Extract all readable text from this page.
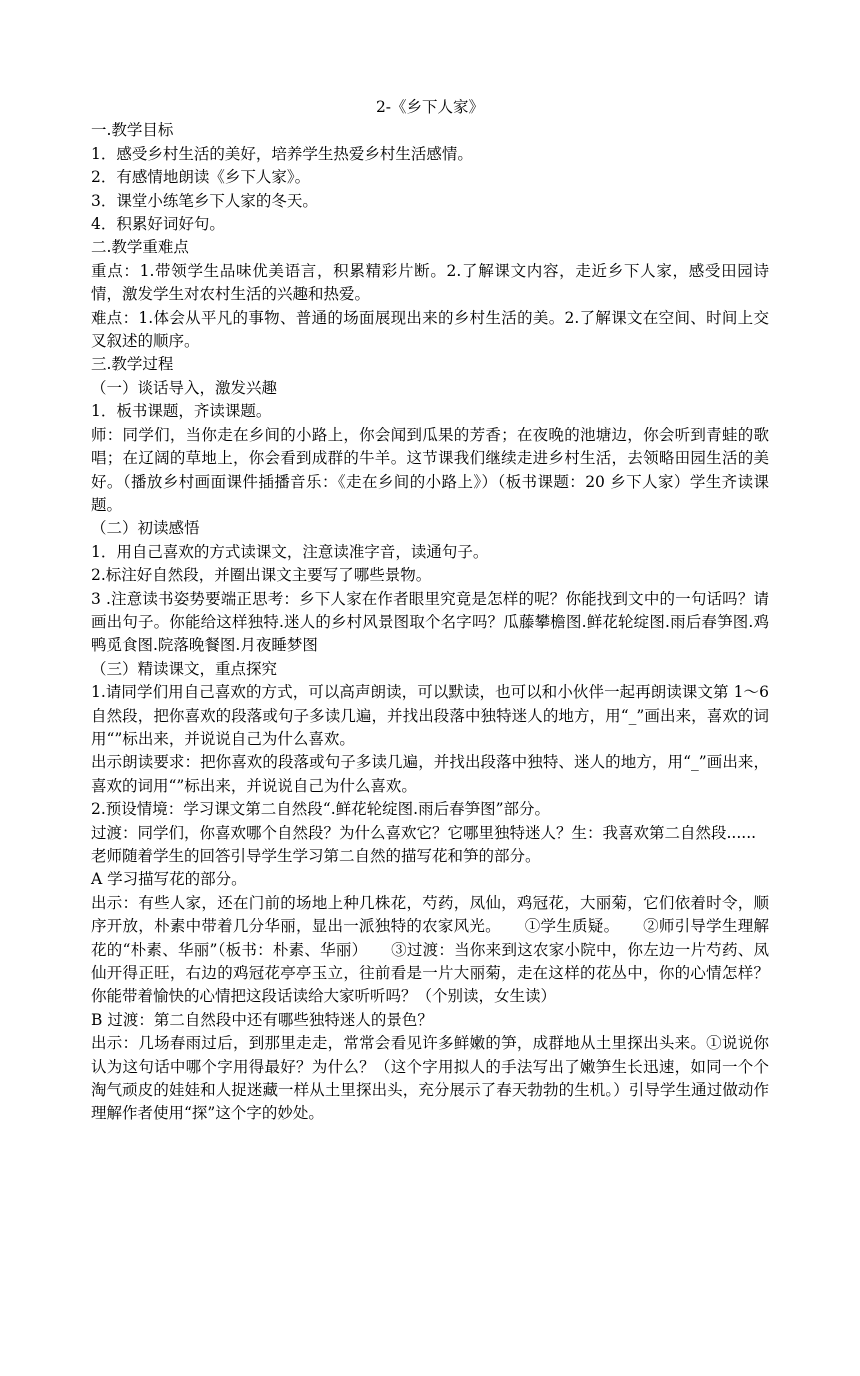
2-《乡下人家》

一.教学目标

1．感受乡村生活的美好，培养学生热爱乡村生活感情。

2．有感情地朗读《乡下人家》。

3．课堂小练笔乡下人家的冬天。

4．积累好词好句。

二.教学重难点

重点：1.带领学生品味优美语言，积累精彩片断。2.了解课文内容，走近乡下人家，感受田园诗情，激发学生对农村生活的兴趣和热爱。

难点：1.体会从平凡的事物、普通的场面展现出来的乡村生活的美。2.了解课文在空间、时间上交叉叙述的顺序。

三.教学过程

（一）谈话导入，激发兴趣

1．板书课题，齐读课题。

师：同学们，当你走在乡间的小路上，你会闻到瓜果的芳香；在夜晚的池塘边，你会听到青蛙的歌唱；在辽阔的草地上，你会看到成群的牛羊。这节课我们继续走进乡村生活，去领略田园生活的美好。（播放乡村画面课件插播音乐：《走在乡间的小路上》）（板书课题：20 乡下人家）学生齐读课题。

（二）初读感悟

1．用自己喜欢的方式读课文，注意读准字音，读通句子。

2.标注好自然段，并圈出课文主要写了哪些景物。

3 .注意读书姿势要端正思考：乡下人家在作者眼里究竟是怎样的呢？你能找到文中的一句话吗？请画出句子。你能给这样独特.迷人的乡村风景图取个名字吗？瓜藤攀檐图.鲜花轮绽图.雨后春笋图.鸡鸭觅食图.院落晚餐图.月夜睡梦图

（三）精读课文，重点探究

1.请同学们用自己喜欢的方式，可以高声朗读，可以默读，也可以和小伙伴一起再朗读课文第 1～6 自然段，把你喜欢的段落或句子多读几遍，并找出段落中独特迷人的地方，用“_”画出来，喜欢的词用“”标出来，并说说自己为什么喜欢。

出示朗读要求：把你喜欢的段落或句子多读几遍，并找出段落中独特、迷人的地方，用“_”画出来，喜欢的词用“”标出来，并说说自己为什么喜欢。

2.预设情境：学习课文第二自然段“.鲜花轮绽图.雨后春笋图”部分。

过渡：同学们，你喜欢哪个自然段？为什么喜欢它？它哪里独特迷人？生：我喜欢第二自然段......

老师随着学生的回答引导学生学习第二自然的描写花和笋的部分。

A 学习描写花的部分。

出示：有些人家，还在门前的场地上种几株花，芍药，凤仙，鸡冠花，大丽菊，它们依着时令，顺序开放，朴素中带着几分华丽，显出一派独特的农家风光。　　①学生质疑。　　②师引导学生理解花的“朴素、华丽”（板书：朴素、华丽）　　③过渡：当你来到这农家小院中，你左边一片芍药、凤仙开得正旺，右边的鸡冠花亭亭玉立，往前看是一片大丽菊，走在这样的花丛中，你的心情怎样？你能带着愉快的心情把这段话读给大家听听吗？（个别读，女生读）

B 过渡：第二自然段中还有哪些独特迷人的景色？

出示：几场春雨过后，到那里走走，常常会看见许多鲜嫩的笋，成群地从土里探出头来。①说说你认为这句话中哪个字用得最好？为什么？（这个字用拟人的手法写出了嫩笋生长迅速，如同一个个淘气顽皮的娃娃和人捉迷藏一样从土里探出头，充分展示了春天勃勃的生机。）引导学生通过做动作理解作者使用“探”这个字的妙处。
